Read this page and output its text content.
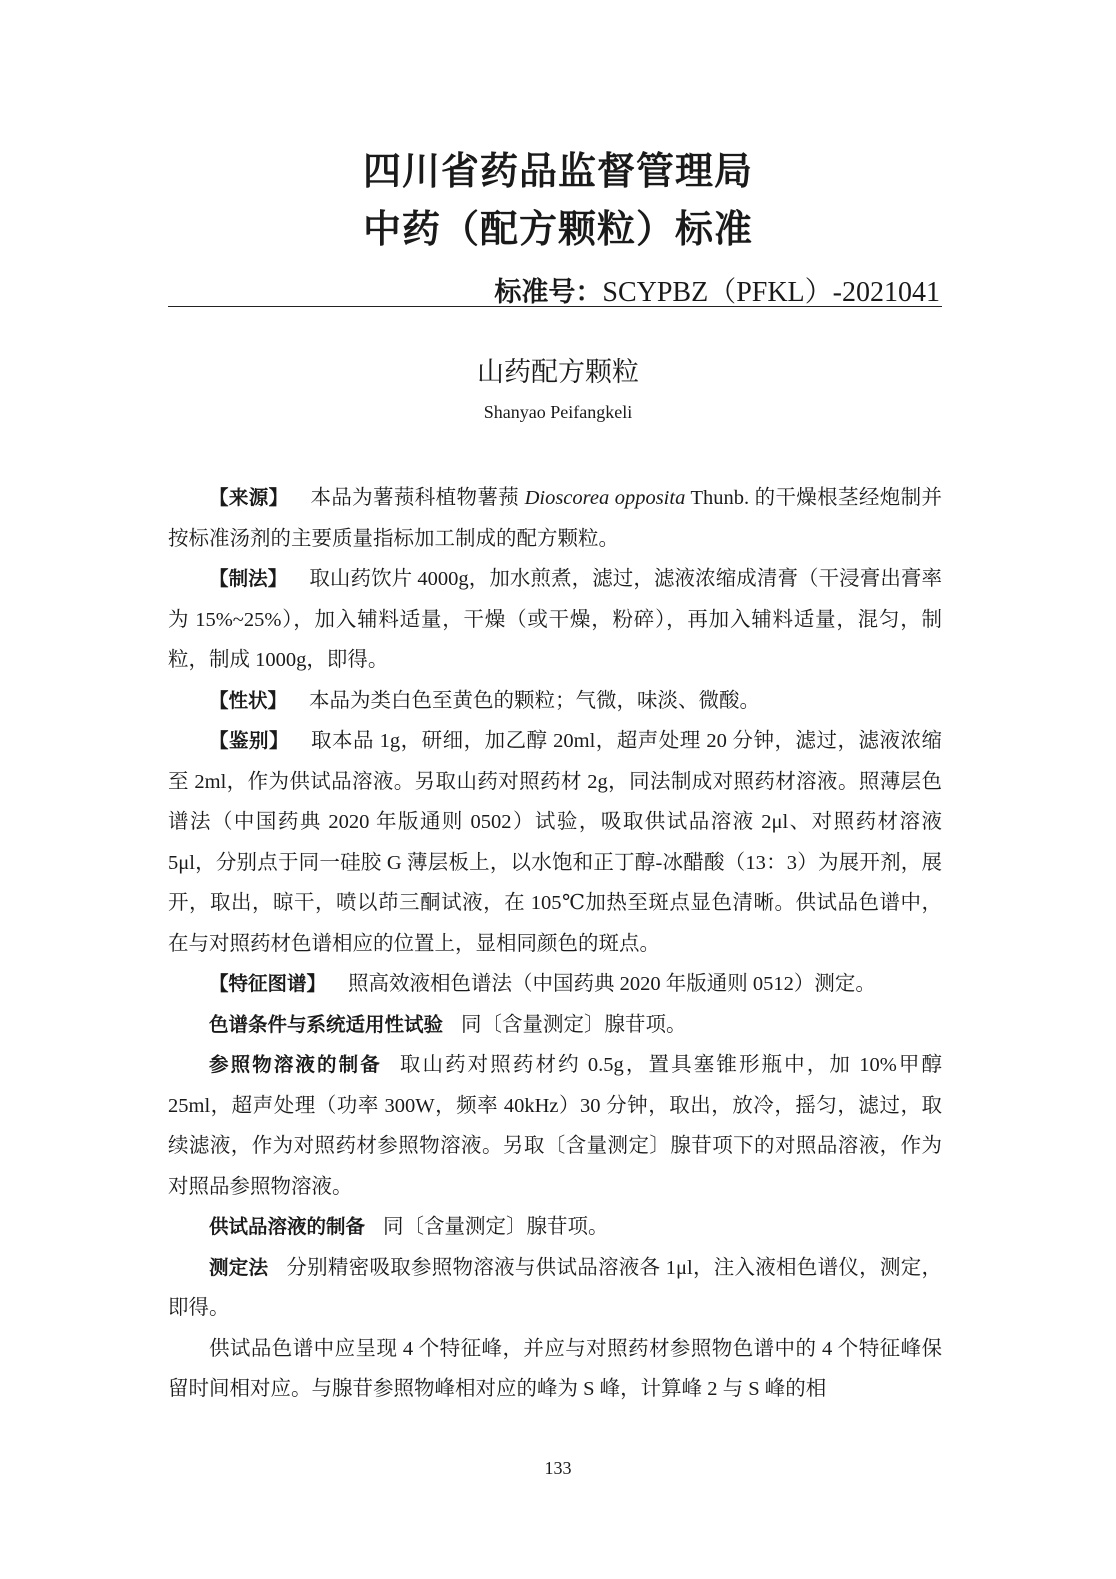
四川省药品监督管理局
中药（配方颗粒）标准
标准号：SCYPBZ（PFKL）-2021041
山药配方颗粒
Shanyao Peifangkeli

【来源】 本品为薯蓣科植物薯蓣 Dioscorea opposita Thunb. 的干燥根茎经炮制并按标准汤剂的主要质量指标加工制成的配方颗粒。

【制法】 取山药饮片 4000g，加水煎煮，滤过，滤液浓缩成清膏（干浸膏出膏率为 15%~25%），加入辅料适量，干燥（或干燥，粉碎），再加入辅料适量，混匀，制粒，制成 1000g，即得。

【性状】 本品为类白色至黄色的颗粒；气微，味淡、微酸。

【鉴别】 取本品 1g，研细，加乙醇 20ml，超声处理 20 分钟，滤过，滤液浓缩至 2ml，作为供试品溶液。另取山药对照药材 2g，同法制成对照药材溶液。照薄层色谱法（中国药典 2020 年版通则 0502）试验，吸取供试品溶液 2μl、对照药材溶液 5μl，分别点于同一硅胶 G 薄层板上，以水饱和正丁醇-冰醋酸（13：3）为展开剂，展开，取出，晾干，喷以茚三酮试液，在 105℃加热至斑点显色清晰。供试品色谱中，在与对照药材色谱相应的位置上，显相同颜色的斑点。

【特征图谱】 照高效液相色谱法（中国药典 2020 年版通则 0512）测定。

色谱条件与系统适用性试验 同〔含量测定〕腺苷项。

参照物溶液的制备 取山药对照药材约 0.5g，置具塞锥形瓶中，加 10%甲醇 25ml，超声处理（功率 300W，频率 40kHz）30 分钟，取出，放冷，摇匀，滤过，取续滤液，作为对照药材参照物溶液。另取〔含量测定〕腺苷项下的对照品溶液，作为对照品参照物溶液。

供试品溶液的制备 同〔含量测定〕腺苷项。

测定法 分别精密吸取参照物溶液与供试品溶液各 1μl，注入液相色谱仪，测定，即得。

供试品色谱中应呈现 4 个特征峰，并应与对照药材参照物色谱中的 4 个特征峰保留时间相对应。与腺苷参照物峰相对应的峰为 S 峰，计算峰 2 与 S 峰的相

133
